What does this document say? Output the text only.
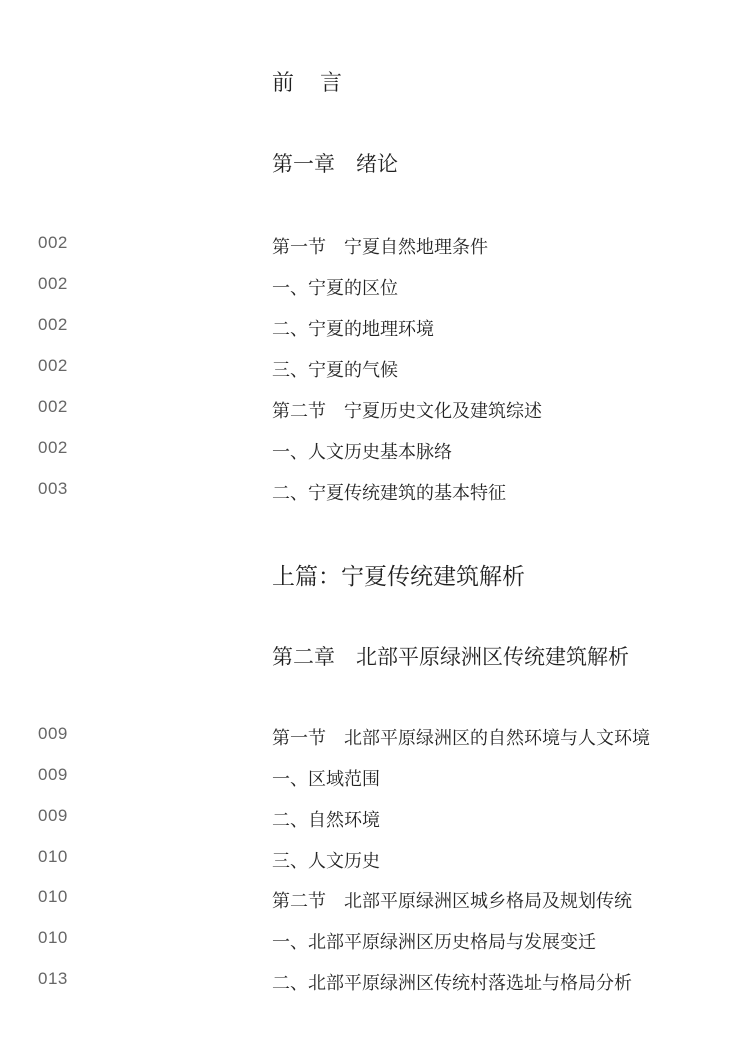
前　言
第一章　绪论
002	第一节　宁夏自然地理条件
002	一、宁夏的区位
002	二、宁夏的地理环境
002	三、宁夏的气候
002	第二节　宁夏历史文化及建筑综述
002	一、人文历史基本脉络
003	二、宁夏传统建筑的基本特征
上篇：宁夏传统建筑解析
第二章　北部平原绿洲区传统建筑解析
009	第一节　北部平原绿洲区的自然环境与人文环境
009	一、区域范围
009	二、自然环境
010	三、人文历史
010	第二节　北部平原绿洲区城乡格局及规划传统
010	一、北部平原绿洲区历史格局与发展变迁
013	二、北部平原绿洲区传统村落选址与格局分析
